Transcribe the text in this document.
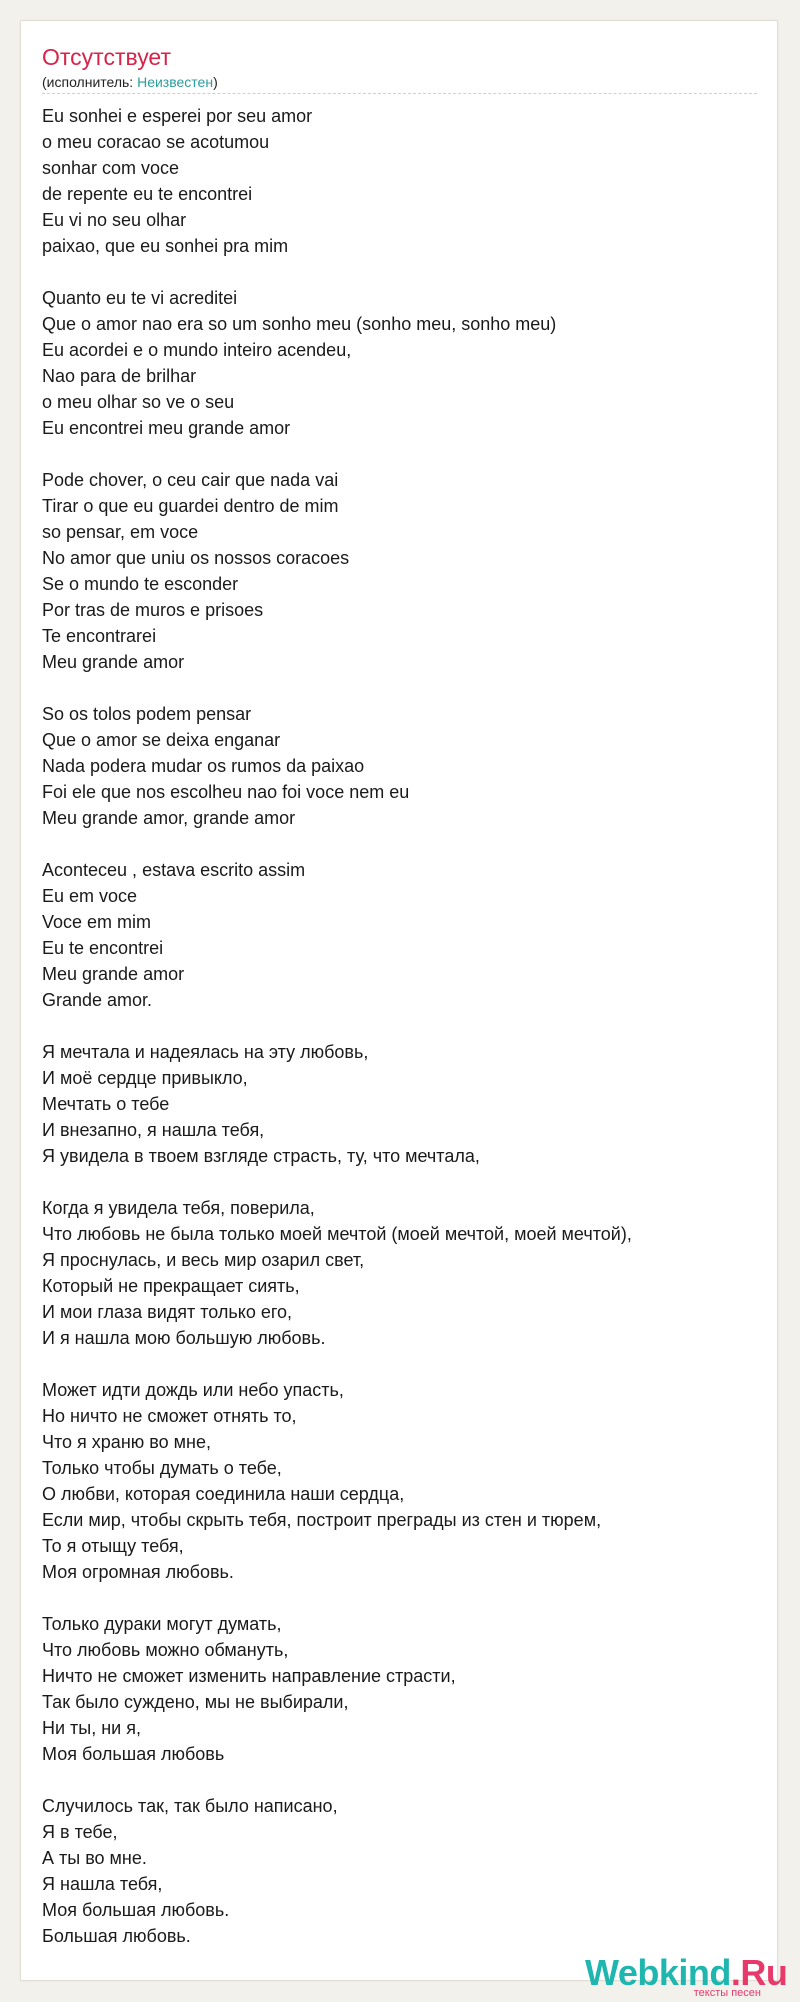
Отсутствует
(исполнитель: Неизвестен)
Eu sonhei e esperei por seu amor
o meu coracao se acotumou
sonhar com voce
de repente eu te encontrei
Eu vi no seu olhar
paixao, que eu sonhei pra mim
Quanto eu te vi acreditei
Que o amor nao era so um sonho meu (sonho meu, sonho meu)
Eu acordei e o mundo inteiro acendeu,
Nao para de brilhar
o meu olhar so ve o seu
Eu encontrei meu grande amor
Pode chover, o ceu cair que nada vai
Tirar o que eu guardei dentro de mim
so pensar, em voce
No amor que uniu os nossos coracoes
Se o mundo te esconder
Por tras de muros e prisoes
Te encontrarei
Meu grande amor
So os tolos podem pensar
Que o amor se deixa enganar
Nada podera mudar os rumos da paixao
Foi ele que nos escolheu nao foi voce nem eu
Meu grande amor, grande amor
Aconteceu , estava escrito assim
Eu em voce
Voce em mim
Eu te encontrei
Meu grande amor
Grande amor.
Я мечтала и надеялась на эту любовь,
И моё сердце привыкло,
Мечтать о тебе
И внезапно, я нашла тебя,
Я увидела в твоем взгляде страсть, ту, что мечтала,
Когда я увидела тебя, поверила,
Что любовь не была только моей мечтой (моей мечтой, моей мечтой),
Я проснулась, и весь мир озарил свет,
Который не прекращает сиять,
И мои глаза видят только его,
И я нашла мою большую любовь.
Может идти дождь или небо упасть,
Но ничто не сможет отнять то,
Что я храню во мне,
Только чтобы думать о тебе,
О любви, которая соединила наши сердца,
Если мир, чтобы скрыть тебя, построит преграды из стен и тюрем,
То я отыщу тебя,
Моя огромная любовь.
Только дураки могут думать,
Что любовь можно обмануть,
Ничто не сможет изменить направление страсти,
Так было суждено, мы не выбирали,
Ни ты, ни я,
Моя большая любовь
Случилось так, так было написано,
Я в тебе,
А ты во мне.
Я нашла тебя,
Моя большая любовь.
Большая любовь.
Webkind.Ru
тексты песен
